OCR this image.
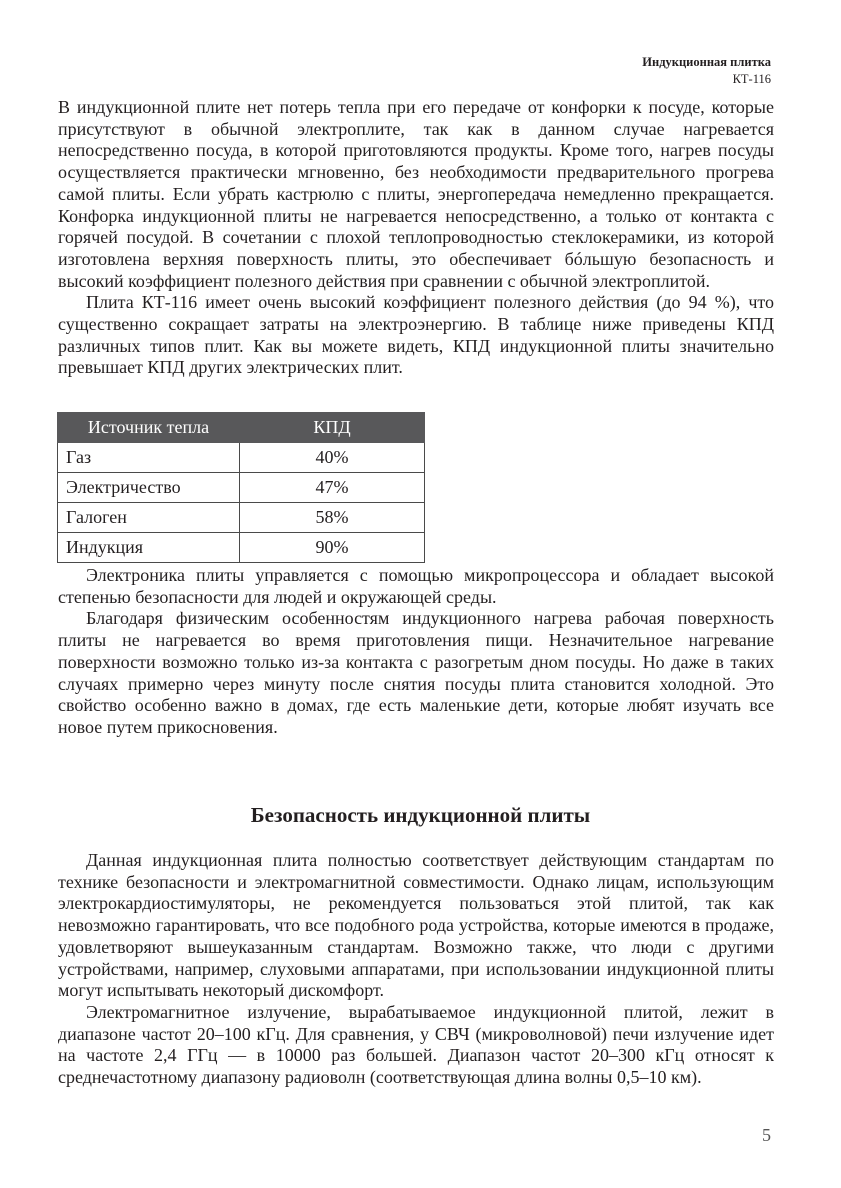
Индукционная плитка
КТ-116

В индукционной плите нет потерь тепла при его передаче от конфорки к посуде, которые присутствуют в обычной электроплите, так как в данном случае нагревается непосредственно посуда, в которой приготовляются продукты. Кроме того, нагрев посуды осуществляется практически мгновенно, без необходимости предварительного прогрева самой плиты. Если убрать кастрюлю с плиты, энергопередача немедленно прекращается. Конфорка индукционной плиты не нагревается непосредственно, а только от контакта с горячей посудой. В сочетании с плохой теплопроводностью стеклокерамики, из которой изготовлена верхняя поверхность плиты, это обеспечивает бóльшую безопасность и высокий коэффициент полезного действия при сравнении с обычной электроплитой.

Плита КТ-116 имеет очень высокий коэффициент полезного действия (до 94 %), что существенно сокращает затраты на электроэнергию. В таблице ниже приведены КПД различных типов плит. Как вы можете видеть, КПД индукционной плиты значительно превышает КПД других электрических плит.

Источник тепла	КПД
Газ	40%
Электричество	47%
Галоген	58%
Индукция	90%

Электроника плиты управляется с помощью микропроцессора и обладает высокой степенью безопасности для людей и окружающей среды.

Благодаря физическим особенностям индукционного нагрева рабочая поверхность плиты не нагревается во время приготовления пищи. Незначительное нагревание поверхности возможно только из-за контакта с разогретым дном посуды. Но даже в таких случаях примерно через минуту после снятия посуды плита становится холодной. Это свойство особенно важно в домах, где есть маленькие дети, которые любят изучать все новое путем прикосновения.

Безопасность индукционной плиты

Данная индукционная плита полностью соответствует действующим стандартам по технике безопасности и электромагнитной совместимости. Однако лицам, использующим электрокардиостимуляторы, не рекомендуется пользоваться этой плитой, так как невозможно гарантировать, что все подобного рода устройства, которые имеются в продаже, удовлетворяют вышеуказанным стандартам. Возможно также, что люди с другими устройствами, например, слуховыми аппаратами, при использовании индукционной плиты могут испытывать некоторый дискомфорт.

Электромагнитное излучение, вырабатываемое индукционной плитой, лежит в диапазоне частот 20–100 кГц. Для сравнения, у СВЧ (микроволновой) печи излучение идет на частоте 2,4 ГГц — в 10000 раз большей. Диапазон частот 20–300 кГц относят к среднечастотному диапазону радиоволн (соответствующая длина волны 0,5–10 км).

5
